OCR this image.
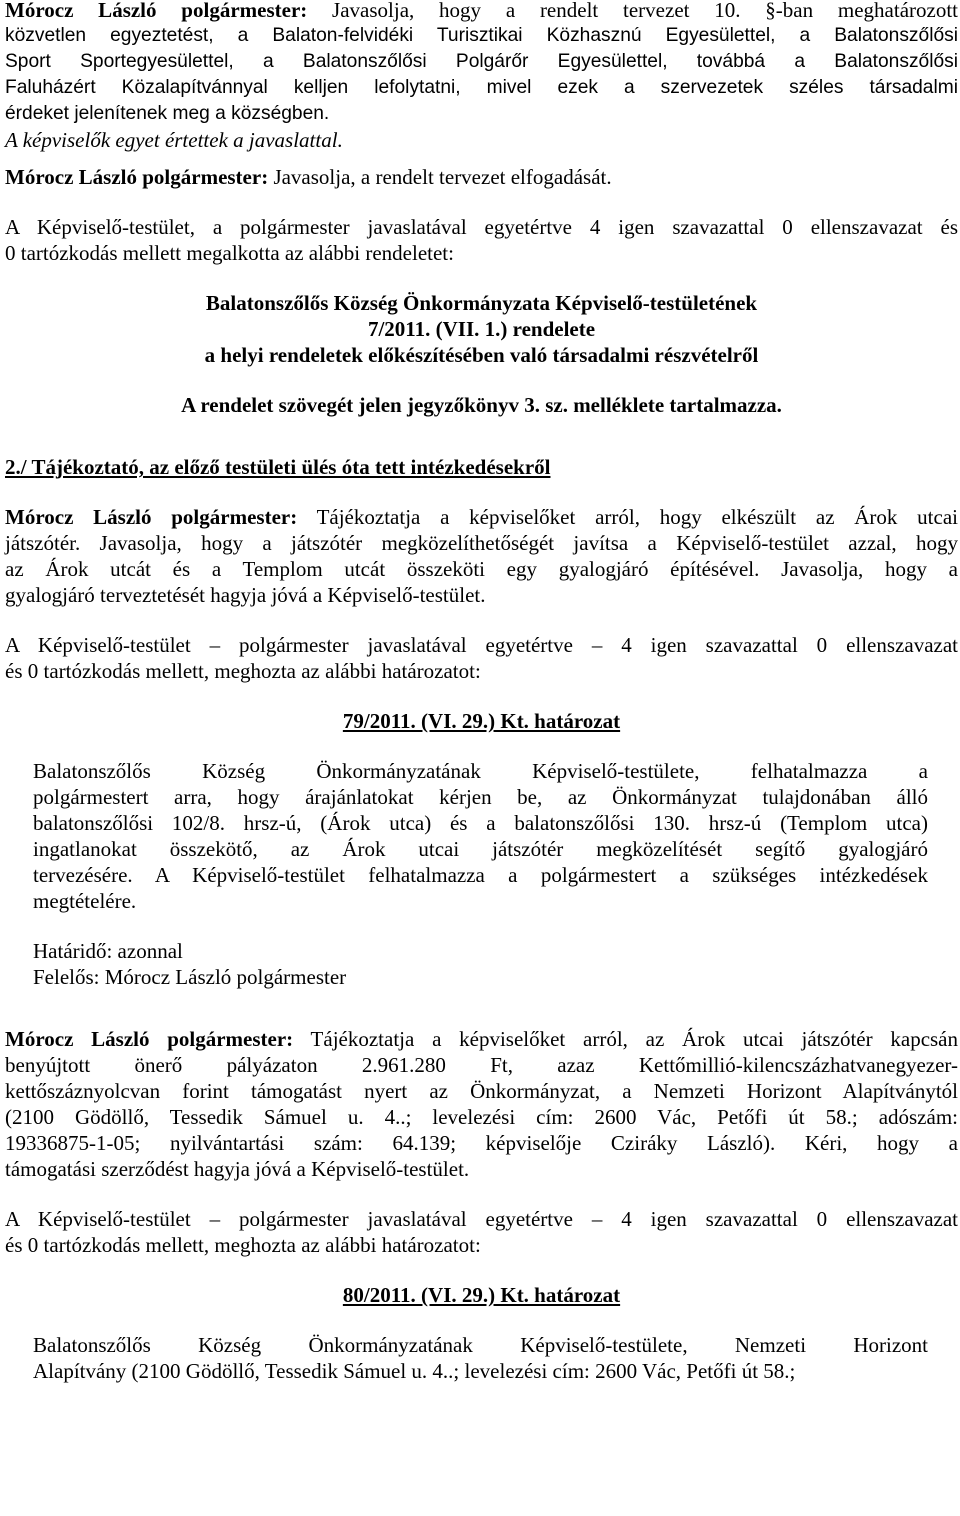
Mórocz László polgármester: Javasolja, hogy a rendelt tervezet 10. §-ban meghatározott
közvetlen egyeztetést, a Balaton-felvidéki Turisztikai Közhasznú Egyesülettel, a Balatonszőlősi
Sport Sportegyesülettel, a Balatonszőlősi Polgárőr Egyesülettel, továbbá a Balatonszőlősi
Faluházért Közalapítvánnyal kelljen lefolytatni, mivel ezek a szervezetek széles társadalmi
érdeket jelenítenek meg a községben.
A képviselők egyet értettek a javaslattal.
Mórocz László polgármester: Javasolja, a rendelt tervezet elfogadását.
A Képviselő-testület, a polgármester javaslatával egyetértve 4 igen szavazattal 0 ellenszavazat és
0 tartózkodás mellett megalkotta az alábbi rendeletet:
Balatonszőlős Község Önkormányzata Képviselő-testületének
7/2011. (VII. 1.) rendelete
a helyi rendeletek előkészítésében való társadalmi részvételről
A rendelet szövegét jelen jegyzőkönyv 3. sz. melléklete tartalmazza.
2./ Tájékoztató, az előző testületi ülés óta tett intézkedésekről
Mórocz László polgármester: Tájékoztatja a képviselőket arról, hogy elkészült az Árok utcai
játszótér. Javasolja, hogy a játszótér megközelíthetőségét javítsa a Képviselő-testület azzal, hogy
az Árok utcát és a Templom utcát összeköti egy gyalogjáró építésével. Javasolja, hogy a
gyalogjáró terveztetését hagyja jóvá a Képviselő-testület.
A Képviselő-testület – polgármester javaslatával egyetértve – 4 igen szavazattal 0 ellenszavazat
és 0 tartózkodás mellett, meghozta az alábbi határozatot:
79/2011. (VI. 29.) Kt. határozat
Balatonszőlős Község Önkormányzatának Képviselő-testülete, felhatalmazza a
polgármestert arra, hogy árajánlatokat kérjen be, az Önkormányzat tulajdonában álló
balatonszőlősi 102/8. hrsz-ú, (Árok utca) és a balatonszőlősi 130. hrsz-ú (Templom utca)
ingatlanokat összekötő, az Árok utcai játszótér megközelítését segítő gyalogjáró
tervezésére. A Képviselő-testület felhatalmazza a polgármestert a szükséges intézkedések
megtételére.
Határidő: azonnal
Felelős: Mórocz László polgármester
Mórocz László polgármester: Tájékoztatja a képviselőket arról, az Árok utcai játszótér kapcsán
benyújtott önerő pályázaton 2.961.280 Ft, azaz Kettőmillió-kilencszázhatvanegyezer-
kettőszáznyolcvan forint támogatást nyert az Önkormányzat, a Nemzeti Horizont Alapítványtól
(2100 Gödöllő, Tessedik Sámuel u. 4..; levelezési cím: 2600 Vác, Petőfi út 58.; adószám:
19336875-1-05; nyilvántartási szám: 64.139; képviselője Cziráky László). Kéri, hogy a
támogatási szerződést hagyja jóvá a Képviselő-testület.
A Képviselő-testület – polgármester javaslatával egyetértve – 4 igen szavazattal 0 ellenszavazat
és 0 tartózkodás mellett, meghozta az alábbi határozatot:
80/2011. (VI. 29.) Kt. határozat
Balatonszőlős Község Önkormányzatának Képviselő-testülete, Nemzeti Horizont
Alapítvány (2100 Gödöllő, Tessedik Sámuel u. 4..; levelezési cím: 2600 Vác, Petőfi út 58.;
